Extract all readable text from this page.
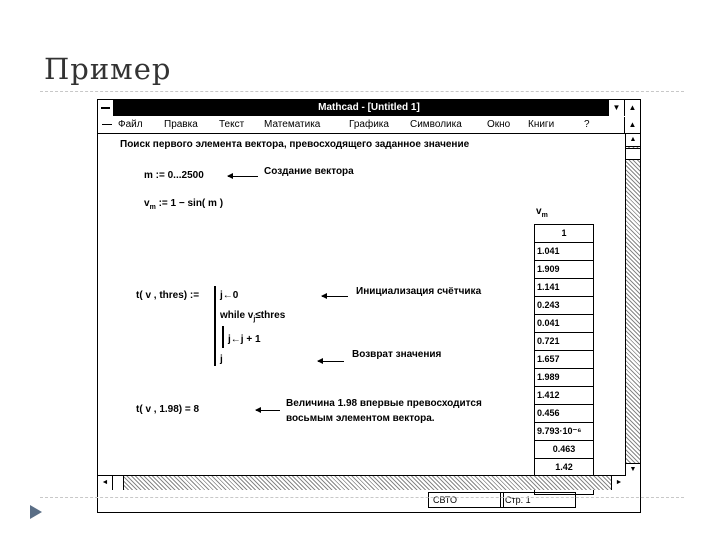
Пример
Mathcad - [Untitled 1]	▼	▲
— Файл Правка Текст Математика	Графика Символика	Окно Книги	?	▲
Поиск первого элемента вектора, превосходящего заданное значение
m := 0...2500	Создание вектора
$v_m$ := 1 − sin( m )
t( v , thres) := j←0	Инициализация счётчика
while $v_j\le thres$
j←j + 1
j	Возврат значения
t( v , 1.98) = 8
Величина 1.98 впервые превосходится
восьмым элементом вектора.
$v_m$
1
1.041
1.909
1.141
0.243
0.041
0.721
1.657
1.989
1.412
0.456
9.793·10⁻⁶
0.463
1.42
▲
▼
◄	►
СВТО	Стр. 1
